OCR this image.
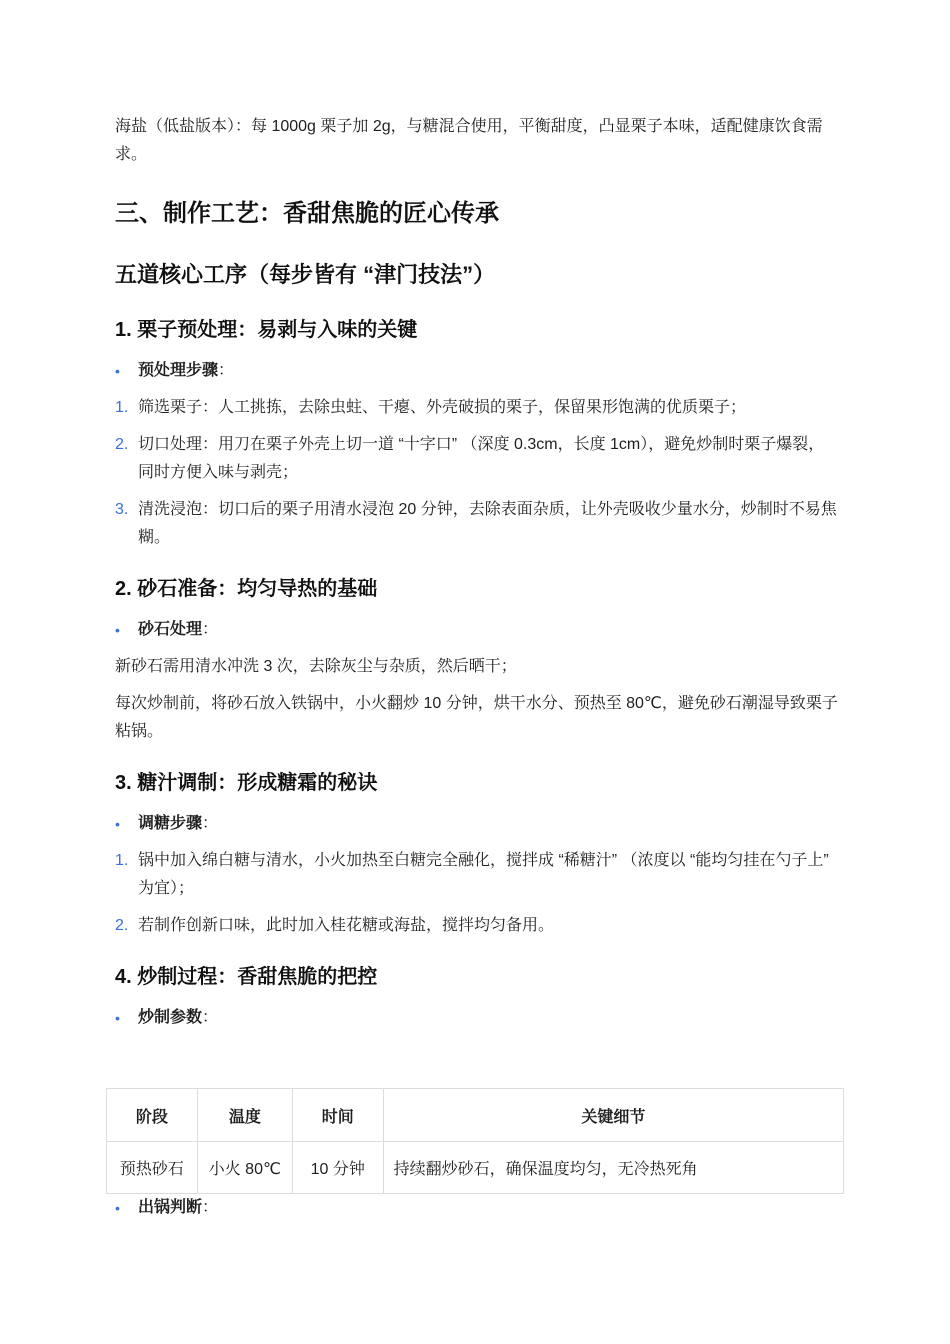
海盐（低盐版本）：每 1000g 栗子加 2g，与糖混合使用，平衡甜度，凸显栗子本味，适配健康饮食需求。

三、制作工艺：香甜焦脆的匠心传承
五道核心工序（每步皆有 “津门技法”）
1. 栗子预处理：易剥与入味的关键
• 预处理步骤：
1. 筛选栗子：人工挑拣，去除虫蛀、干瘪、外壳破损的栗子，保留果形饱满的优质栗子；
2. 切口处理：用刀在栗子外壳上切一道 “十字口” （深度 0.3cm，长度 1cm），避免炒制时栗子爆裂，同时方便入味与剥壳；
3. 清洗浸泡：切口后的栗子用清水浸泡 20 分钟，去除表面杂质，让外壳吸收少量水分，炒制时不易焦糊。
2. 砂石准备：均匀导热的基础
• 砂石处理：

新砂石需用清水冲洗 3 次，去除灰尘与杂质，然后晒干；

每次炒制前，将砂石放入铁锅中，小火翻炒 10 分钟，烘干水分、预热至 80℃，避免砂石潮湿导致栗子粘锅。

3. 糖汁调制：形成糖霜的秘诀
• 调糖步骤：
1. 锅中加入绵白糖与清水，小火加热至白糖完全融化，搅拌成 “稀糖汁” （浓度以 “能均匀挂在勺子上” 为宜）；
2. 若制作创新口味，此时加入桂花糖或海盐，搅拌均匀备用。
4. 炒制过程：香甜焦脆的把控
• 炒制参数：
阶段	温度	时间	关键细节
预热砂石	小火 80℃	10 分钟	持续翻炒砂石，确保温度均匀，无冷热死角
• 出锅判断：
